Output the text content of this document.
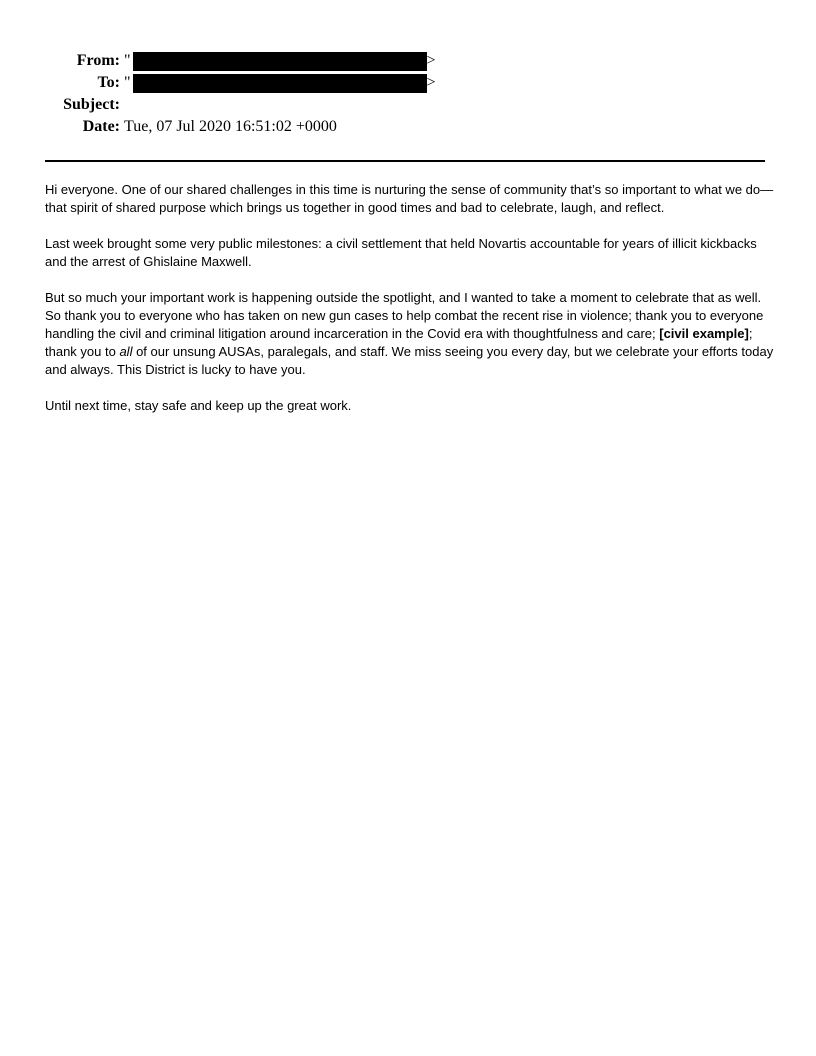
From: "	>
To: "	>
Subject:
Date: Tue, 07 Jul 2020 16:51:02 +0000

Hi everyone. One of our shared challenges in this time is nurturing the sense of community that’s so important to what we do—that spirit of shared purpose which brings us together in good times and bad to celebrate, laugh, and reflect.

Last week brought some very public milestones: a civil settlement that held Novartis accountable for years of illicit kickbacks and the arrest of Ghislaine Maxwell.

But so much your important work is happening outside the spotlight, and I wanted to take a moment to celebrate that as well. So thank you to everyone who has taken on new gun cases to help combat the recent rise in violence; thank you to everyone handling the civil and criminal litigation around incarceration in the Covid era with thoughtfulness and care; [civil example]; thank you to all of our unsung AUSAs, paralegals, and staff. We miss seeing you every day, but we celebrate your efforts today and always. This District is lucky to have you.

Until next time, stay safe and keep up the great work.
